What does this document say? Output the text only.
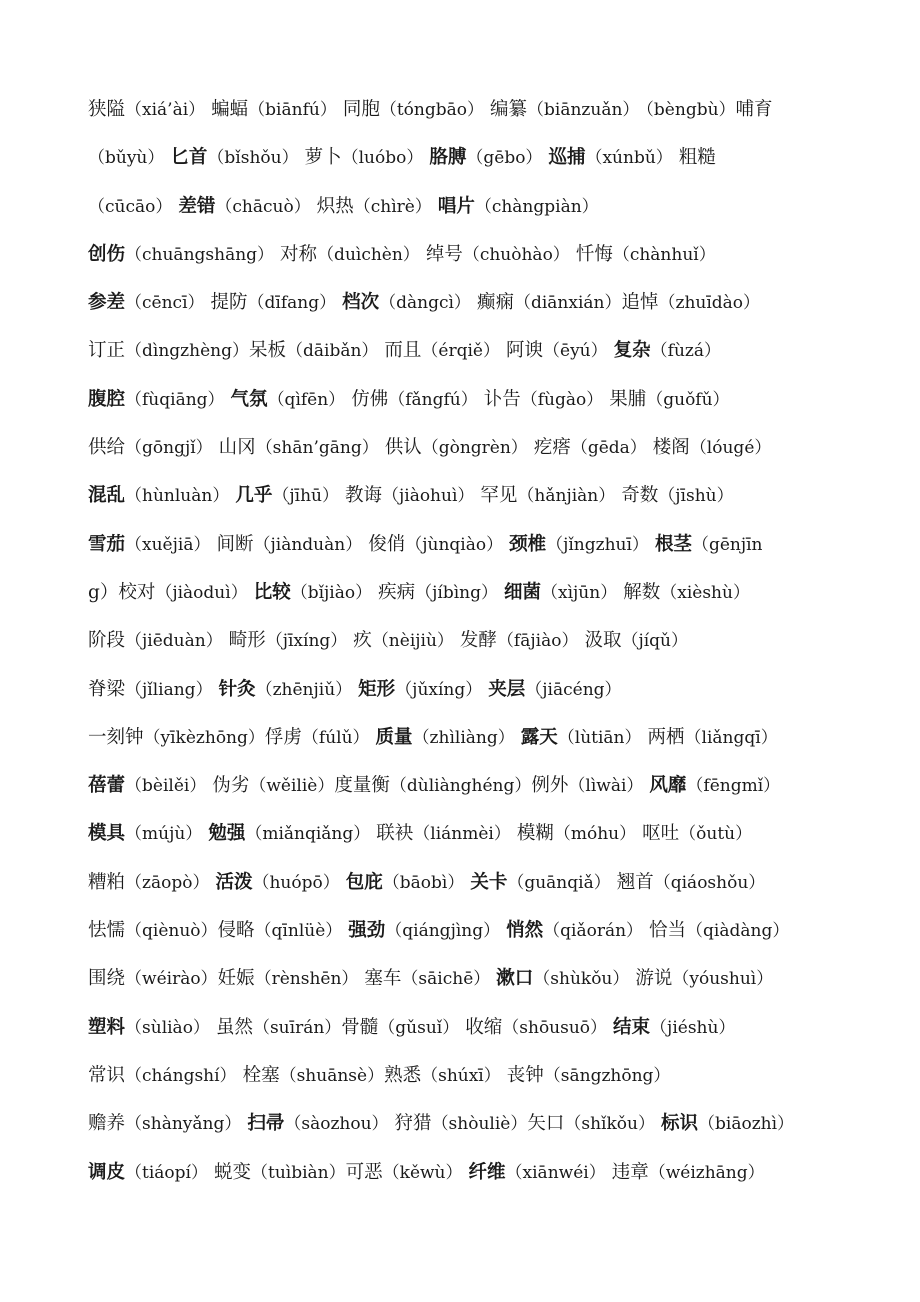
狭隘（xiá’ài） 蝙蝠（biānfú） 同胞（tóngbāo） 编纂（biānzuǎn） （bèngbù）哺育
（bǔyù） 匕首（bǐshǒu） 萝卜（luóbo） 胳膊（gēbo） 巡捕（xúnbǔ） 粗糙
（cūcāo） 差错（chācuò） 炽热（chìrè） 唱片（chàngpiàn）
创伤（chuāngshāng） 对称（duìchèn） 绰号（chuòhào） 忏悔（chànhuǐ）
参差（cēncī） 提防（dīfang） 档次（dàngcì） 癫痫（diānxián）追悼（zhuīdào）
订正（dìngzhèng）呆板（dāibǎn） 而且（érqiě） 阿谀（ēyú） 复杂（fùzá）
腹腔（fùqiāng） 气氛（qìfēn） 仿佛（fǎngfú） 讣告（fùgào） 果脯（guǒfǔ）
供给（gōngjǐ） 山冈（shān’gāng） 供认（gòngrèn） 疙瘩（gēda） 楼阁（lóugé）
混乱（hùnluàn） 几乎（jīhū） 教诲（jiàohuì） 罕见（hǎnjiàn） 奇数（jīshù）
雪茄（xuějiā） 间断（jiànduàn） 俊俏（jùnqiào） 颈椎（jǐngzhuī） 根茎（gēnjīn
g）校对（jiàoduì） 比较（bǐjiào） 疾病（jíbìng） 细菌（xìjūn） 解数（xièshù）
阶段（jiēduàn） 畸形（jīxíng） 疚（nèijiù） 发酵（fājiào） 汲取（jíqǔ）
脊梁（jǐliang） 针灸（zhēnjiǔ） 矩形（jǔxíng） 夹层（jiācéng）
一刻钟（yīkèzhōng）俘虏（fúlǔ） 质量（zhìliàng） 露天（lùtiān） 两栖（liǎngqī）
蓓蕾（bèilěi） 伪劣（wěiliè）度量衡（dùliànghéng）例外（lìwài） 风靡（fēngmǐ）
模具（mújù） 勉强（miǎnqiǎng） 联袂（liánmèi） 模糊（móhu） 呕吐（ǒutù）
糟粕（zāopò） 活泼（huópō） 包庇（bāobì） 关卡（guānqiǎ） 翘首（qiáoshǒu）
怯懦（qiènuò）侵略（qīnlüè） 强劲（qiángjìng） 悄然（qiǎorán） 恰当（qiàdàng）
围绕（wéirào）妊娠（rènshēn） 塞车（sāichē） 漱口（shùkǒu） 游说（yóushuì）
塑料（sùliào） 虽然（suīrán）骨髓（gǔsuǐ） 收缩（shōusuō） 结束（jiéshù）
常识（chángshí） 栓塞（shuānsè）熟悉（shúxī） 丧钟（sāngzhōng）
赡养（shànyǎng） 扫帚（sàozhou） 狩猎（shòuliè）矢口（shǐkǒu） 标识（biāozhì）
调皮（tiáopí） 蜕变（tuìbiàn）可恶（kěwù） 纤维（xiānwéi） 违章（wéizhāng）
